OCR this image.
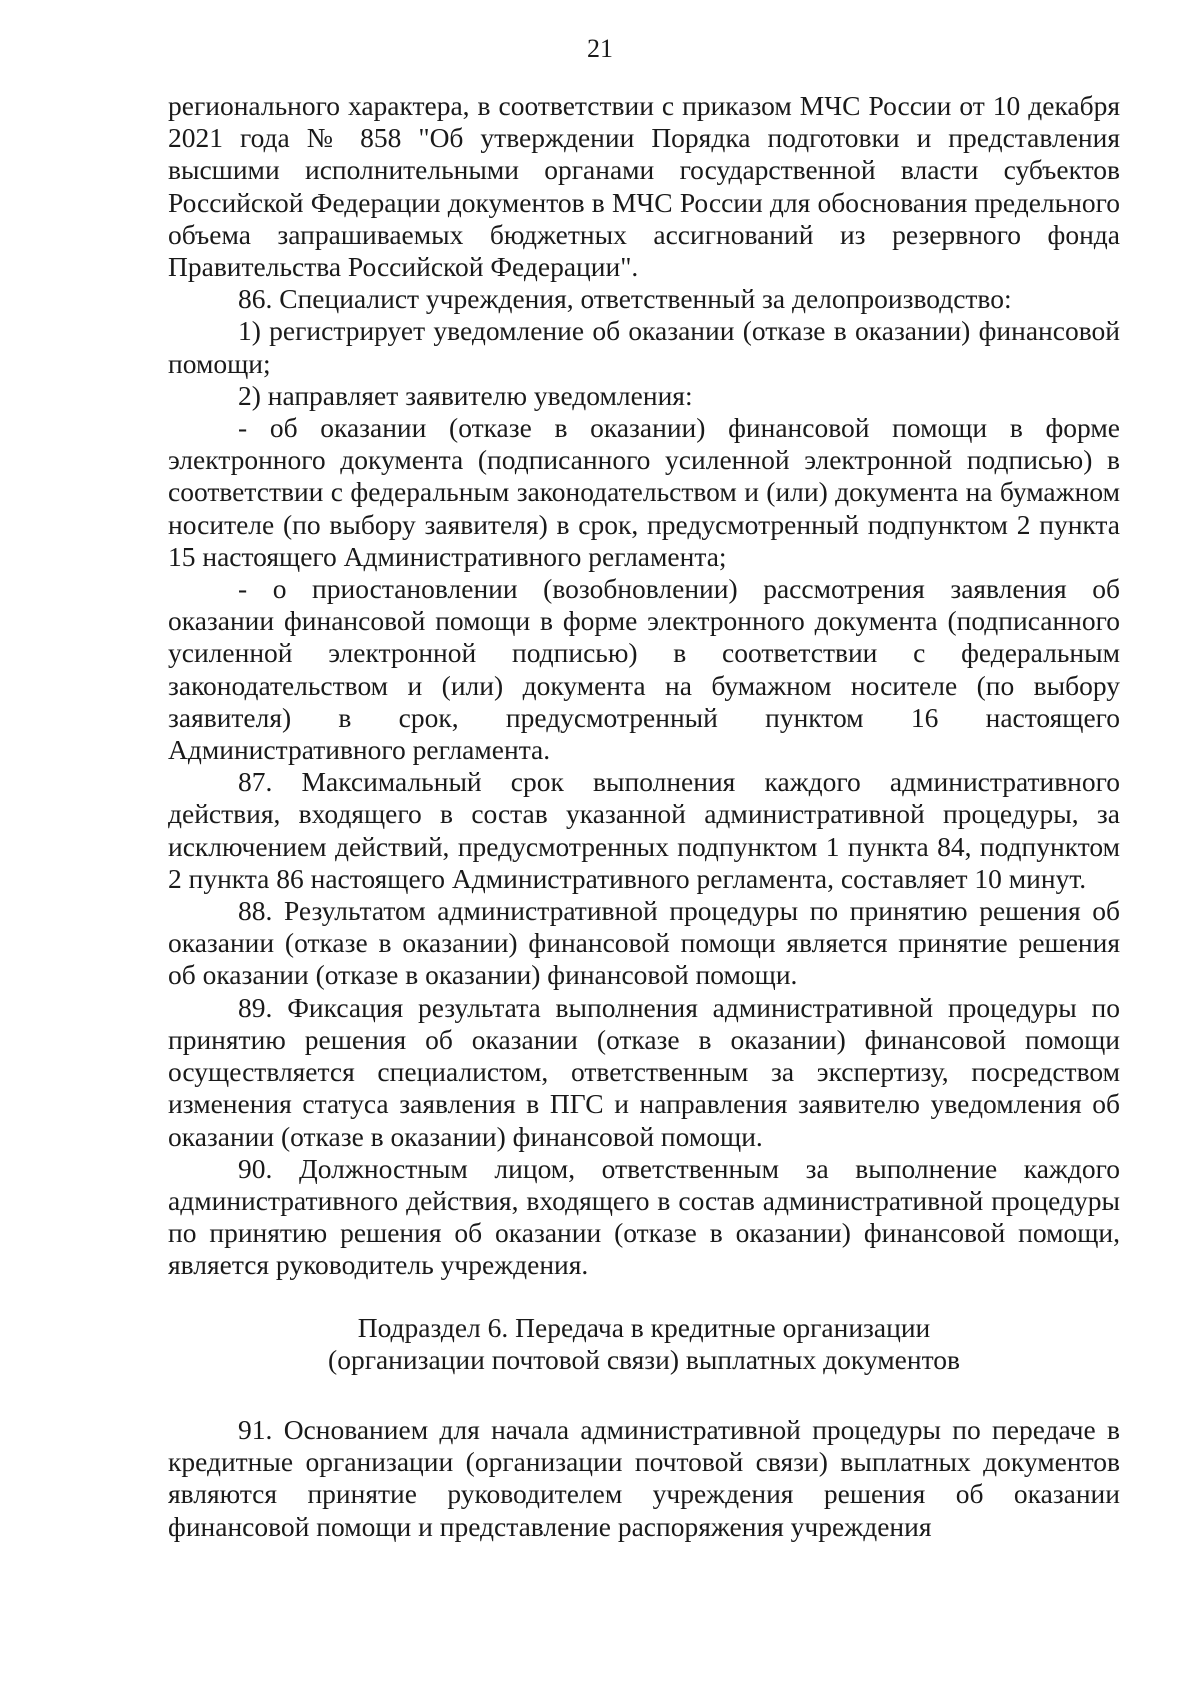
21

регионального характера, в соответствии с приказом МЧС России от 10 декабря 2021 года № 858 "Об утверждении Порядка подготовки и представления высшими исполнительными органами государственной власти субъектов Российской Федерации документов в МЧС России для обоснования предельного объема запрашиваемых бюджетных ассигнований из резервного фонда Правительства Российской Федерации".

86. Специалист учреждения, ответственный за делопроизводство:

1) регистрирует уведомление об оказании (отказе в оказании) финансовой помощи;

2) направляет заявителю уведомления:

- об оказании (отказе в оказании) финансовой помощи в форме электронного документа (подписанного усиленной электронной подписью) в соответствии с федеральным законодательством и (или) документа на бумажном носителе (по выбору заявителя) в срок, предусмотренный подпунктом 2 пункта 15 настоящего Административного регламента;

- о приостановлении (возобновлении) рассмотрения заявления об оказании финансовой помощи в форме электронного документа (подписанного усиленной электронной подписью) в соответствии с федеральным законодательством и (или) документа на бумажном носителе (по выбору заявителя) в срок, предусмотренный пунктом 16 настоящего Административного регламента.

87. Максимальный срок выполнения каждого административного действия, входящего в состав указанной административной процедуры, за исключением действий, предусмотренных подпунктом 1 пункта 84, подпунктом 2 пункта 86 настоящего Административного регламента, составляет 10 минут.

88. Результатом административной процедуры по принятию решения об оказании (отказе в оказании) финансовой помощи является принятие решения об оказании (отказе в оказании) финансовой помощи.

89. Фиксация результата выполнения административной процедуры по принятию решения об оказании (отказе в оказании) финансовой помощи осуществляется специалистом, ответственным за экспертизу, посредством изменения статуса заявления в ПГС и направления заявителю уведомления об оказании (отказе в оказании) финансовой помощи.

90. Должностным лицом, ответственным за выполнение каждого административного действия, входящего в состав административной процедуры по принятию решения об оказании (отказе в оказании) финансовой помощи, является руководитель учреждения.

Подраздел 6. Передача в кредитные организации

(организации почтовой связи) выплатных документов

91. Основанием для начала административной процедуры по передаче в кредитные организации (организации почтовой связи) выплатных документов являются принятие руководителем учреждения решения об оказании финансовой помощи и представление распоряжения учреждения
